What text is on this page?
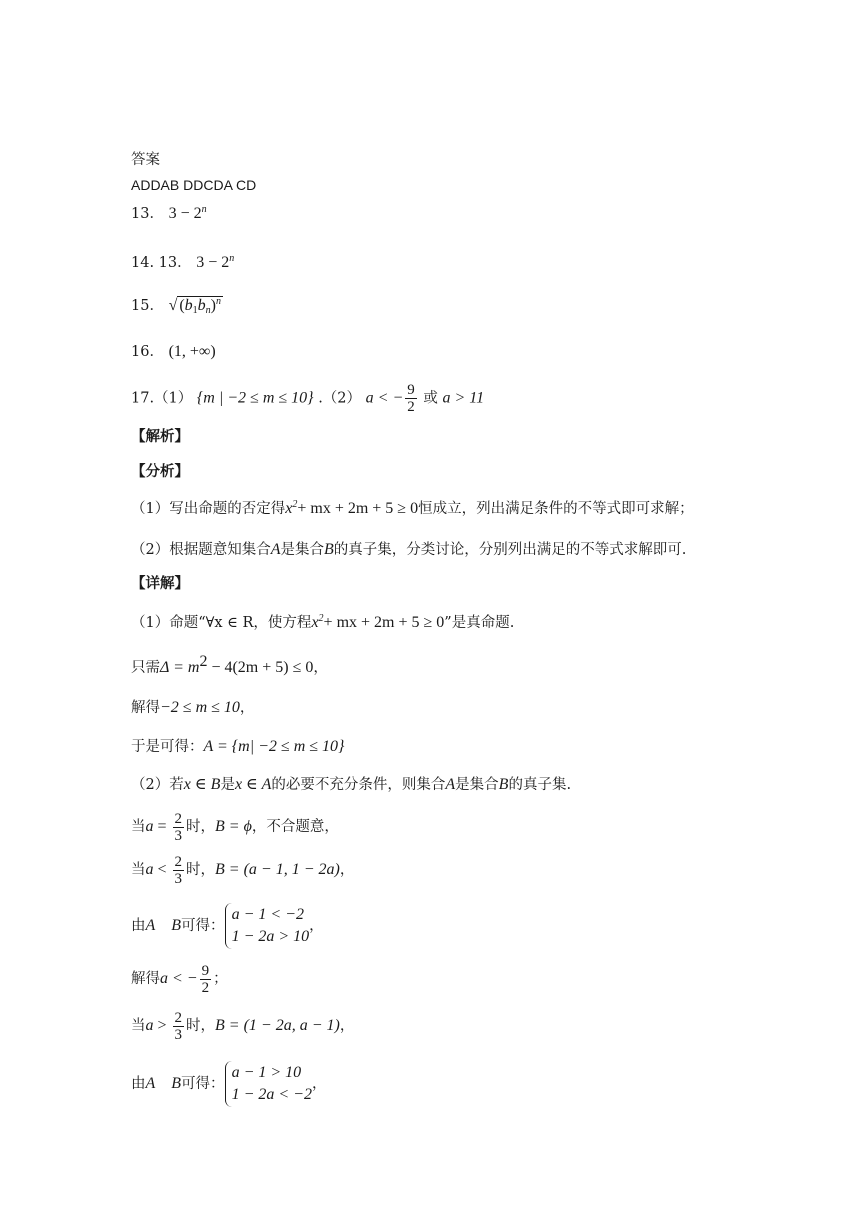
答案
ADDAB DDCDA CD
13． $3 - 2^n$
14. 13． $3 - 2^n$
15． √ $(b_1b_n)^n$
16． (1, +∞)
17.（1） {m | −2 ≤ m ≤ 10} .（2） a < − $\frac{9}{2}$ 或 a > 11
【解析】
【分析】
（1）写出命题的否定得$x^2+$ mx + 2m + 5 ≥ 0恒成立，列出满足条件的不等式即可求解；
（2）根据题意知集合A是集合B的真子集，分类讨论，分别列出满足的不等式求解即可.
【详解】
（1）命题“∀x ∈ R，使方程$x^2+$ mx + 2m + 5 ≥ 0”是真命题.
只需$\Delta = m^2 - 4(2m + 5) \le 0$，
解得−2 ≤ m ≤ 10，
于是可得：A = {m| −2 ≤ m ≤ 10}
（2）若x ∈ B是x ∈ A的必要不充分条件，则集合A是集合B的真子集.
当$a = \frac{2}{3}$ 时，B = ϕ，不合题意，
当$a < \frac{2}{3}$ 时，B = (a − 1, 1 − 2a)，
由A B可得：
a − 1 < −2
1 − 2a > 10
，
解得a < − $\frac{9}{2}$ ；
当$a > \frac{2}{3}$ 时，B = (1 − 2a, a − 1)，
由A B可得：
a − 1 > 10
1 − 2a < −2
，
